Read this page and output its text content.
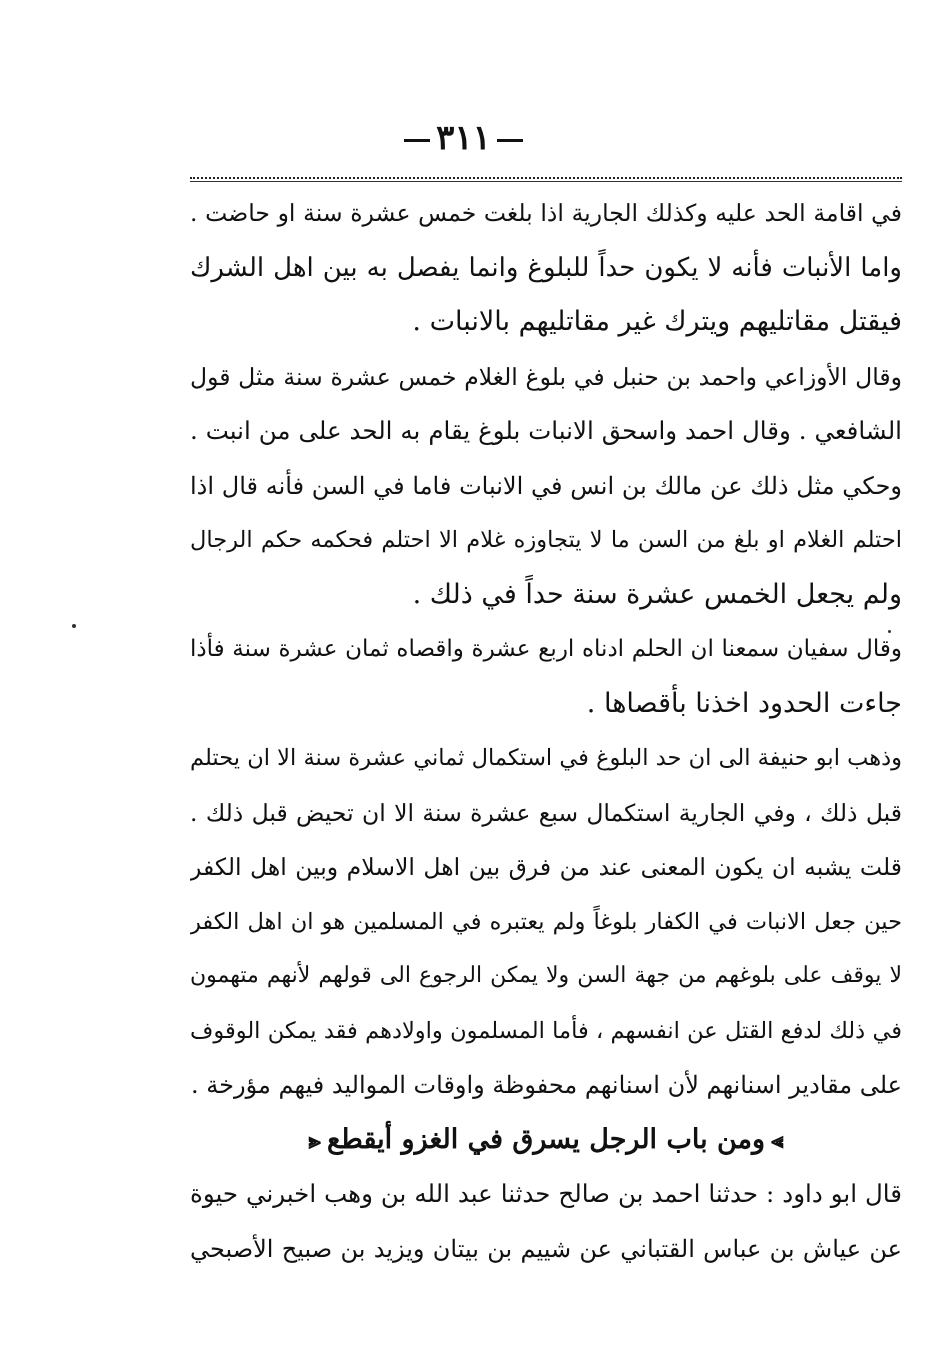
٣١١
في اقامة الحد عليه وكذلك الجارية اذا بلغت خمس عشرة سنة او حاضت .
واما الأنبات فأنه لا يكون حداً للبلوغ وانما يفصل به بين اهل الشرك
فيقتل مقاتليهم ويترك غير مقاتليهم بالانبات .
وقال الأوزاعي واحمد بن حنبل في بلوغ الغلام خمس عشرة سنة مثل قول
الشافعي . وقال احمد واسحق الانبات بلوغ يقام به الحد على من انبت .
وحكي مثل ذلك عن مالك بن انس في الانبات فاما في السن فأنه قال اذا
احتلم الغلام او بلغ من السن ما لا يتجاوزه غلام الا احتلم فحكمه حكم الرجال
ولم يجعل الخمس عشرة سنة حداً في ذلك .
وقال سفيان سمعنا ان الحلم ادناه اربع عشرة واقصاه ثمان عشرة سنة فأذا
جاءت الحدود اخذنا بأقصاها .
وذهب ابو حنيفة الى ان حد البلوغ في استكمال ثماني عشرة سنة الا ان يحتلم
قبل ذلك ، وفي الجارية استكمال سبع عشرة سنة الا ان تحيض قبل ذلك .
قلت يشبه ان يكون المعنى عند من فرق بين اهل الاسلام وبين اهل الكفر
حين جعل الانبات في الكفار بلوغاً ولم يعتبره في المسلمين هو ان اهل الكفر
لا يوقف على بلوغهم من جهة السن ولا يمكن الرجوع الى قولهم لأنهم متهمون
في ذلك لدفع القتل عن انفسهم ، فأما المسلمون واولادهم فقد يمكن الوقوف
على مقادير اسنانهم لأن اسنانهم محفوظة واوقات المواليد فيهم مؤرخة .
⫸ومن باب الرجل يسرق في الغزو أيقطع⫷
قال ابو داود : حدثنا احمد بن صالح حدثنا عبد الله بن وهب اخبرني حيوة
عن عياش بن عباس القتباني عن شييم بن بيتان ويزيد بن صبيح الأصبحي
